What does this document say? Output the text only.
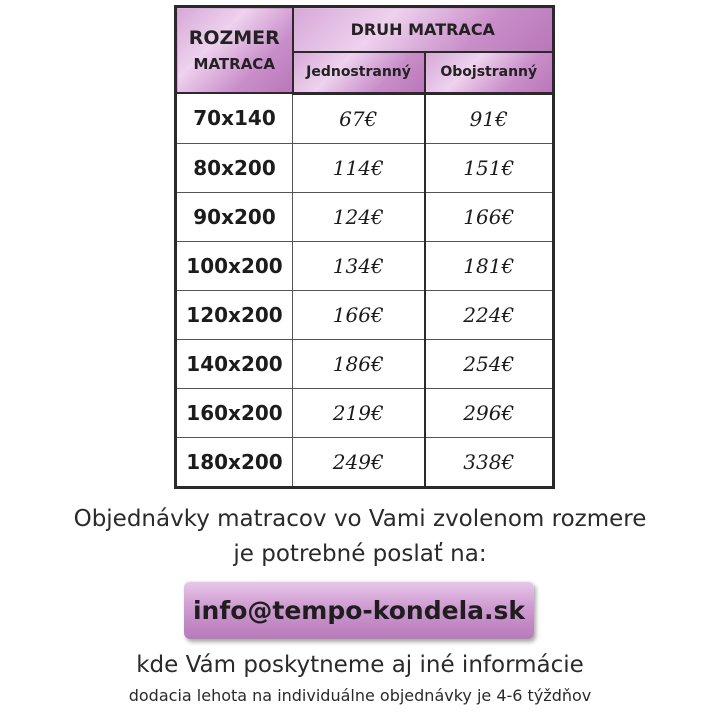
ROZMER
MATRACA	DRUH MATRACA	
	Jednostranný	Obojstranný
70x140	67€	91€
80x200	114€	151€
90x200	124€	166€
100x200	134€	181€
120x200	166€	224€
140x200	186€	254€
160x200	219€	296€
180x200	249€	338€
Objednávky matracov vo Vami zvolenom rozmere
je potrebné poslať na:
info@tempo-kondela.sk
kde Vám poskytneme aj iné informácie
dodacia lehota na individuálne objednávky je 4-6 týždňov
